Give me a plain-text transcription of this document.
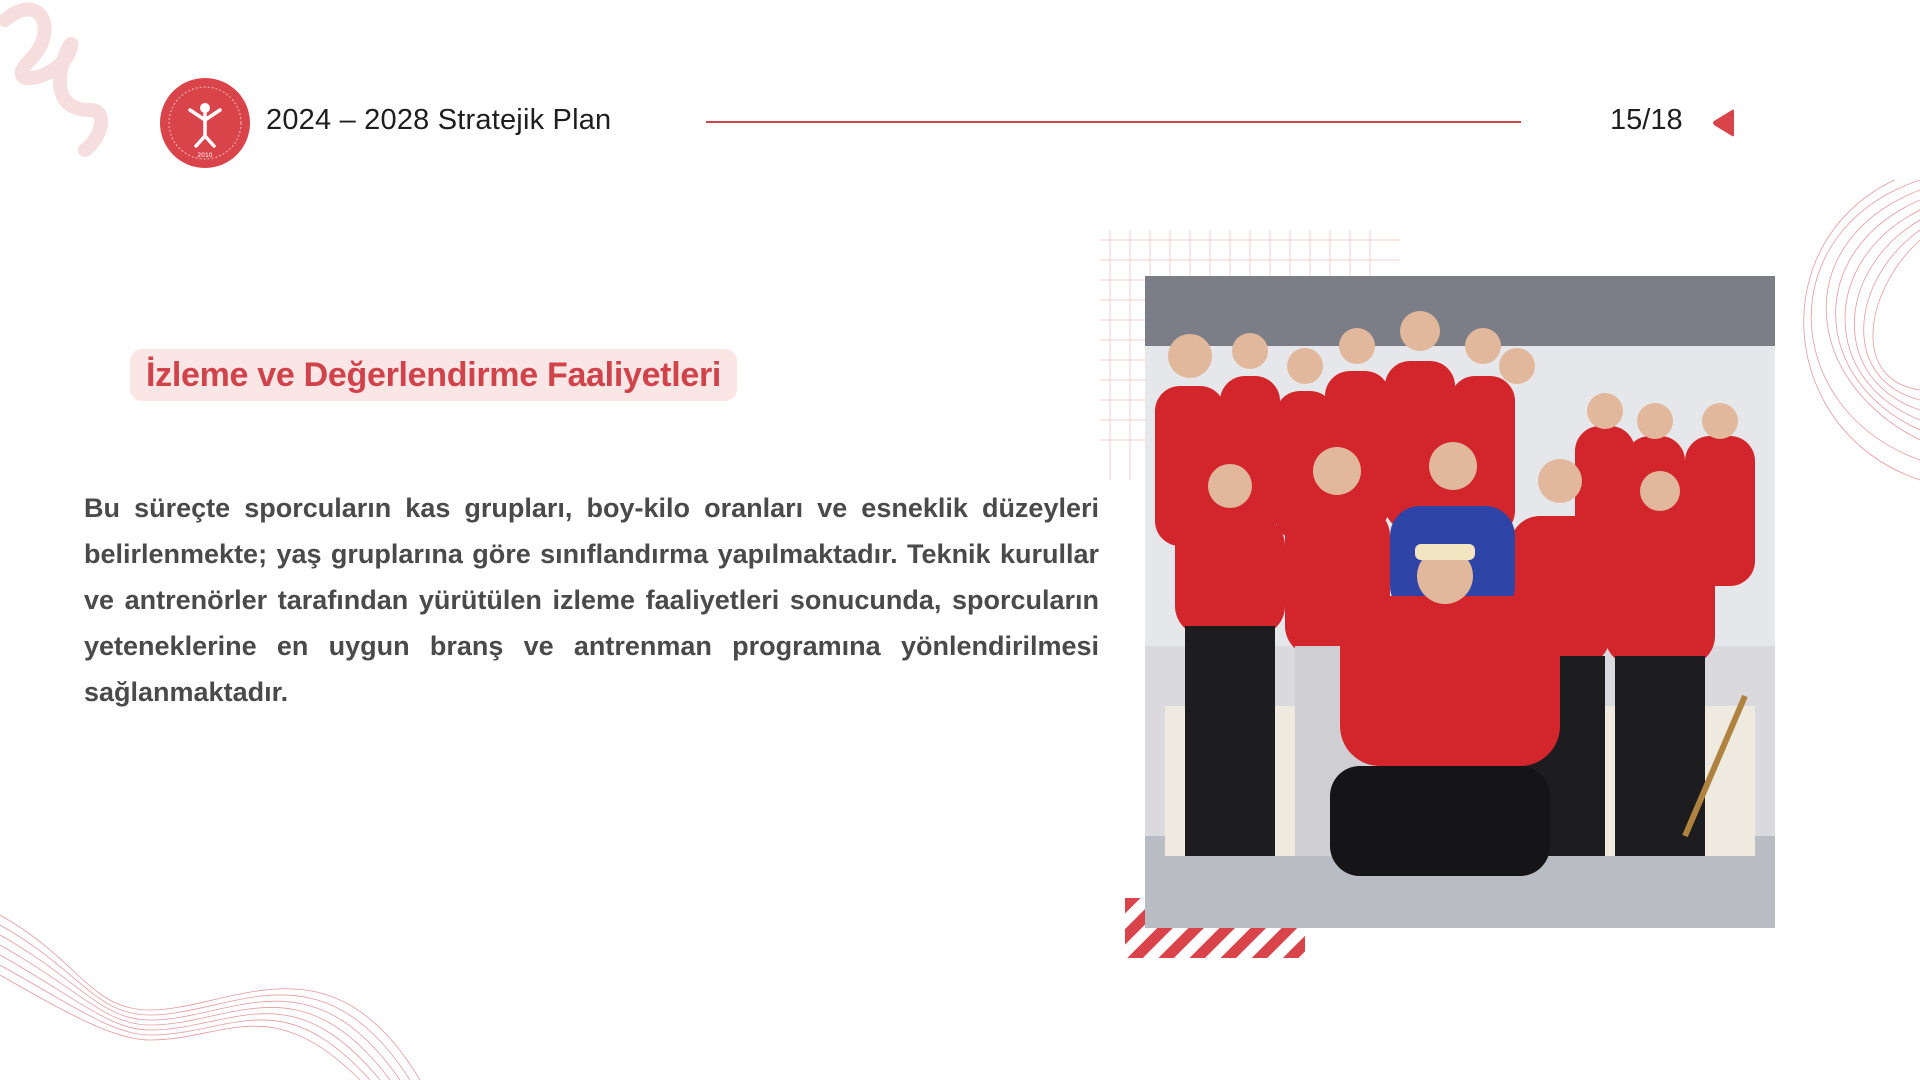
2010
2024 – 2028 Stratejik Plan	15/18
İzleme ve Değerlendirme Faaliyetleri

Bu süreçte sporcuların kas grupları, boy-kilo oranları ve esneklik düzeyleri belirlenmekte; yaş gruplarına göre sınıflandırma yapılmaktadır. Teknik kurullar ve antrenörler tarafından yürütülen izleme faaliyetleri sonucunda, sporcuların yeteneklerine en uygun branş ve antrenman programına yönlendirilmesi sağlanmaktadır.
